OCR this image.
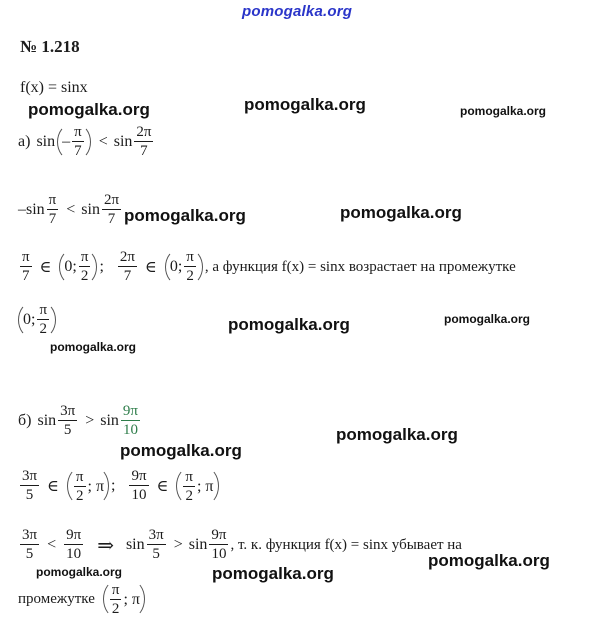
pomogalka.org
№ 1.218
f(x) = sinx
pomogalka.org	pomogalka.org	pomogalka.org
а) $\sin - \frac{\pi}{7} < \sin \frac{2\pi}{7}$
– $\sin \frac{\pi}{7} < \sin \frac{2\pi}{7}$ pomogalka.org	pomogalka.org
$\frac{\pi}{7}$ ∈ 0; $\frac{\pi}{2}$ ; $\frac{2\pi}{7}$ ∈ 0; $\frac{\pi}{2}$ , а функция f(x) = sinx возрастает на промежутке
0; $\frac{\pi}{2}$	pomogalka.org	pomogalka.org
pomogalka.org
б) $\sin \frac{3\pi}{5} > \sin \frac{9\pi}{10}$
pomogalka.org
pomogalka.org
$\frac{3\pi}{5}$ ∈ $\frac{\pi}{2}$ ; π ; $\frac{9\pi}{10}$ ∈ $\frac{\pi}{2}$ ; π
$\frac{3\pi}{5} < \frac{9\pi}{10}$ ⇒ $\sin \frac{3\pi}{5} > \sin \frac{9\pi}{10}$ , т. к. функция f(x) = sinx убывает на
pomogalka.org	pomogalka.org
pomogalka.org
промежутке $\frac{\pi}{2}$ ; π
